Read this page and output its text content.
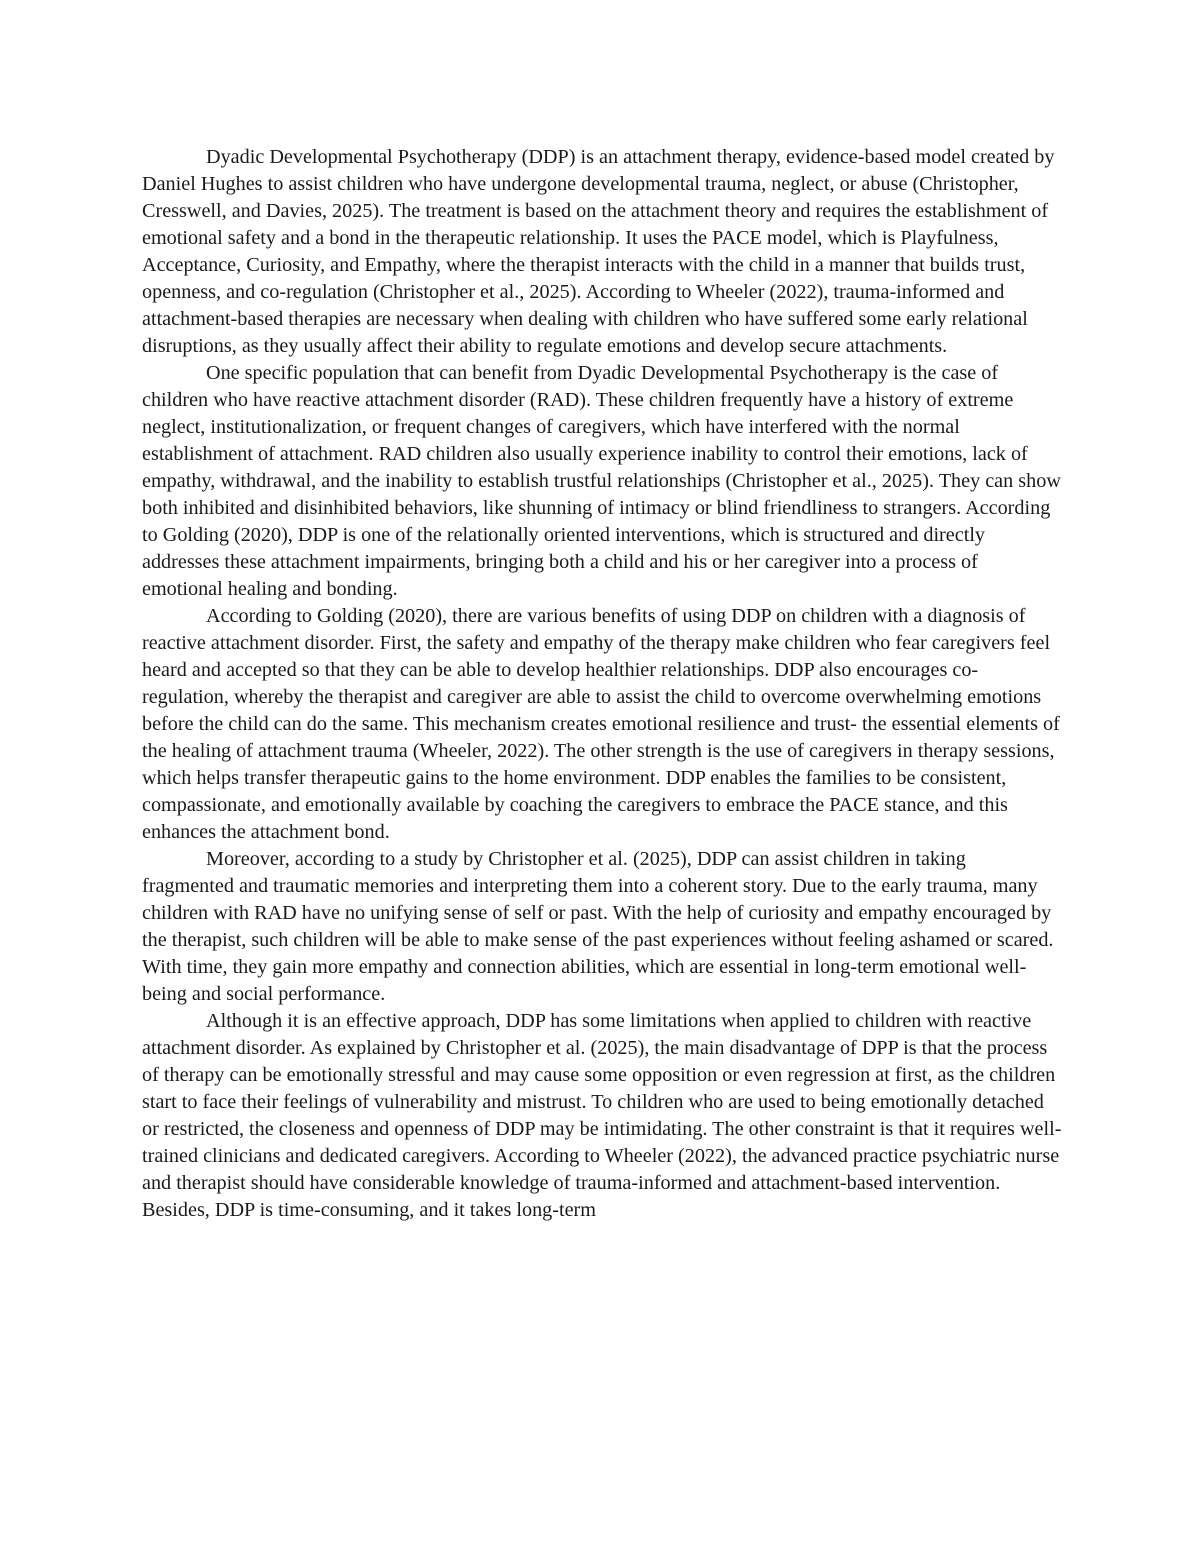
Dyadic Developmental Psychotherapy (DDP) is an attachment therapy, evidence-based model created by Daniel Hughes to assist children who have undergone developmental trauma, neglect, or abuse (Christopher, Cresswell, and Davies, 2025). The treatment is based on the attachment theory and requires the establishment of emotional safety and a bond in the therapeutic relationship. It uses the PACE model, which is Playfulness, Acceptance, Curiosity, and Empathy, where the therapist interacts with the child in a manner that builds trust, openness, and co-regulation (Christopher et al., 2025). According to Wheeler (2022), trauma-informed and attachment-based therapies are necessary when dealing with children who have suffered some early relational disruptions, as they usually affect their ability to regulate emotions and develop secure attachments.

One specific population that can benefit from Dyadic Developmental Psychotherapy is the case of children who have reactive attachment disorder (RAD). These children frequently have a history of extreme neglect, institutionalization, or frequent changes of caregivers, which have interfered with the normal establishment of attachment. RAD children also usually experience inability to control their emotions, lack of empathy, withdrawal, and the inability to establish trustful relationships (Christopher et al., 2025). They can show both inhibited and disinhibited behaviors, like shunning of intimacy or blind friendliness to strangers. According to Golding (2020), DDP is one of the relationally oriented interventions, which is structured and directly addresses these attachment impairments, bringing both a child and his or her caregiver into a process of emotional healing and bonding.

According to Golding (2020), there are various benefits of using DDP on children with a diagnosis of reactive attachment disorder. First, the safety and empathy of the therapy make children who fear caregivers feel heard and accepted so that they can be able to develop healthier relationships. DDP also encourages co-regulation, whereby the therapist and caregiver are able to assist the child to overcome overwhelming emotions before the child can do the same. This mechanism creates emotional resilience and trust- the essential elements of the healing of attachment trauma (Wheeler, 2022). The other strength is the use of caregivers in therapy sessions, which helps transfer therapeutic gains to the home environment. DDP enables the families to be consistent, compassionate, and emotionally available by coaching the caregivers to embrace the PACE stance, and this enhances the attachment bond.

Moreover, according to a study by Christopher et al. (2025), DDP can assist children in taking fragmented and traumatic memories and interpreting them into a coherent story. Due to the early trauma, many children with RAD have no unifying sense of self or past. With the help of curiosity and empathy encouraged by the therapist, such children will be able to make sense of the past experiences without feeling ashamed or scared. With time, they gain more empathy and connection abilities, which are essential in long-term emotional well-being and social performance.

Although it is an effective approach, DDP has some limitations when applied to children with reactive attachment disorder. As explained by Christopher et al. (2025), the main disadvantage of DPP is that the process of therapy can be emotionally stressful and may cause some opposition or even regression at first, as the children start to face their feelings of vulnerability and mistrust. To children who are used to being emotionally detached or restricted, the closeness and openness of DDP may be intimidating. The other constraint is that it requires well-trained clinicians and dedicated caregivers. According to Wheeler (2022), the advanced practice psychiatric nurse and therapist should have considerable knowledge of trauma-informed and attachment-based intervention. Besides, DDP is time-consuming, and it takes long-term
